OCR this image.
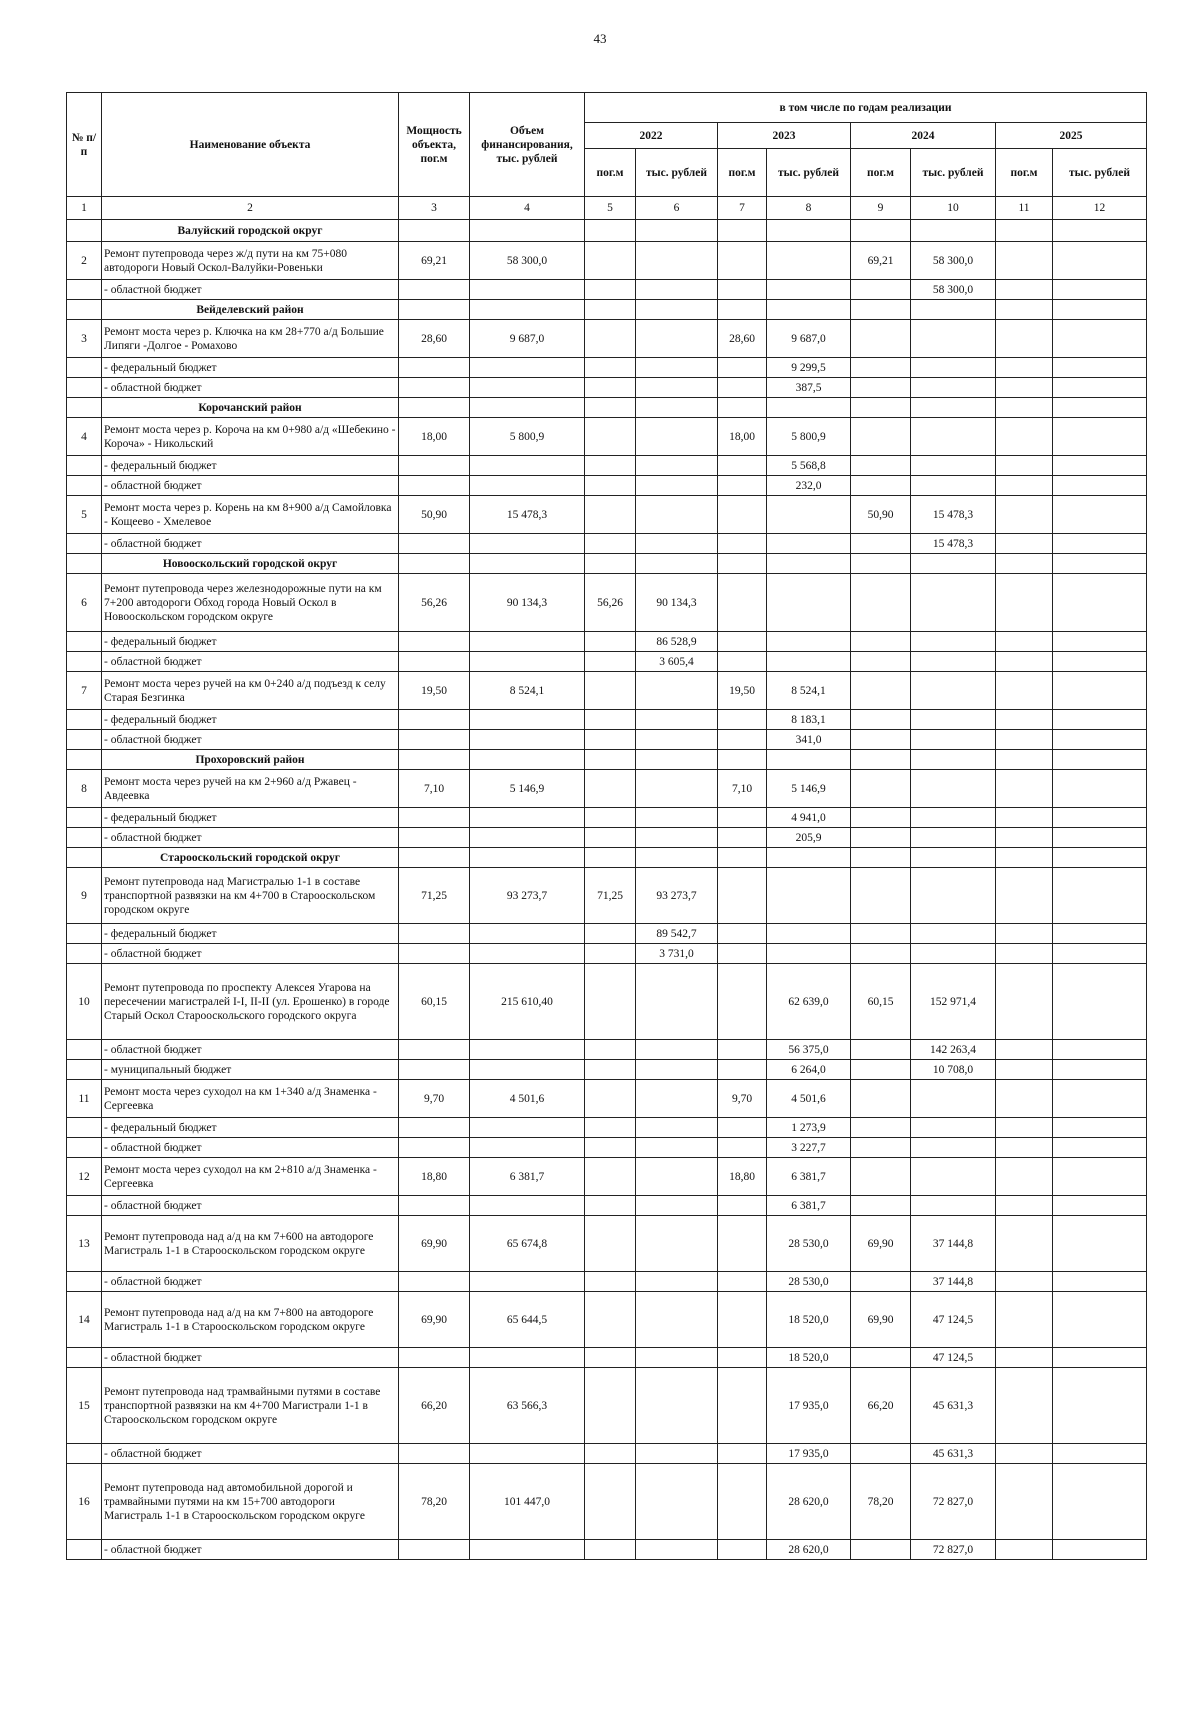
43
№ п/п	Наименование объекта	Мощность объекта, пог.м	Объем финансирования, тыс. рублей	в том числе по годам реализации							
				2022		2023		2024		2025	
				пог.м	тыс. рублей	пог.м	тыс. рублей	пог.м	тыс. рублей	пог.м	тыс. рублей
1	2	3	4	5	6	7	8	9	10	11	12
	Валуйский городской округ										
2	Ремонт путепровода через ж/д пути на км 75+080 автодороги Новый Оскол-Валуйки-Ровеньки	69,21	58 300,0					69,21	58 300,0		
	- областной бюджет								58 300,0		
	Вейделевский район										
3	Ремонт моста через р. Ключка на км 28+770 а/д Большие Липяги -Долгое - Ромахово	28,60	9 687,0			28,60	9 687,0				
	- федеральный бюджет						9 299,5				
	- областной бюджет						387,5				
	Корочанский район										
4	Ремонт моста через р. Короча на км 0+980 а/д «Шебекино - Короча» - Никольский	18,00	5 800,9			18,00	5 800,9				
	- федеральный бюджет						5 568,8				
	- областной бюджет						232,0				
5	Ремонт моста через р. Корень на км 8+900 а/д Самойловка - Кощеево - Хмелевое	50,90	15 478,3					50,90	15 478,3		
	- областной бюджет								15 478,3		
	Новооскольский городской округ										
6	Ремонт путепровода через железнодорожные пути на км 7+200 автодороги Обход города Новый Оскол в Новооскольском городском округе	56,26	90 134,3	56,26	90 134,3						
	- федеральный бюджет				86 528,9						
	- областной бюджет				3 605,4						
7	Ремонт моста через ручей на км 0+240 а/д подъезд к селу Старая Безгинка	19,50	8 524,1			19,50	8 524,1				
	- федеральный бюджет						8 183,1				
	- областной бюджет						341,0				
	Прохоровский район										
8	Ремонт моста через ручей на км 2+960 а/д Ржавец - Авдеевка	7,10	5 146,9			7,10	5 146,9				
	- федеральный бюджет						4 941,0				
	- областной бюджет						205,9				
	Старооскольский городской округ										
9	Ремонт путепровода над Магистралью 1-1 в составе транспортной развязки на км 4+700 в Старооскольском городском округе	71,25	93 273,7	71,25	93 273,7						
	- федеральный бюджет				89 542,7						
	- областной бюджет				3 731,0						
10	Ремонт путепровода по проспекту Алексея Угарова на пересечении магистралей I-I, II-II (ул. Ерошенко) в городе Старый Оскол Старооскольского городского округа	60,15	215 610,40				62 639,0	60,15	152 971,4		
	- областной бюджет						56 375,0		142 263,4		
	- муниципальный бюджет						6 264,0		10 708,0		
11	Ремонт моста через суходол на км 1+340 а/д Знаменка - Сергеевка	9,70	4 501,6			9,70	4 501,6				
	- федеральный бюджет						1 273,9				
	- областной бюджет						3 227,7				
12	Ремонт моста через суходол на км 2+810 а/д Знаменка - Сергеевка	18,80	6 381,7			18,80	6 381,7				
	- областной бюджет						6 381,7				
13	Ремонт путепровода над а/д на км 7+600 на автодороге Магистраль 1-1 в Старооскольском городском округе	69,90	65 674,8				28 530,0	69,90	37 144,8		
	- областной бюджет						28 530,0		37 144,8		
14	Ремонт путепровода над а/д на км 7+800 на автодороге Магистраль 1-1 в Старооскольском городском округе	69,90	65 644,5				18 520,0	69,90	47 124,5		
	- областной бюджет						18 520,0		47 124,5		
15	Ремонт путепровода над трамвайными путями в составе транспортной развязки на км 4+700 Магистрали 1-1 в Старооскольском городском округе	66,20	63 566,3				17 935,0	66,20	45 631,3		
	- областной бюджет						17 935,0		45 631,3		
16	Ремонт путепровода над автомобильной дорогой и трамвайными путями на км 15+700 автодороги Магистраль 1-1 в Старооскольском городском округе	78,20	101 447,0				28 620,0	78,20	72 827,0		
	- областной бюджет						28 620,0		72 827,0		
